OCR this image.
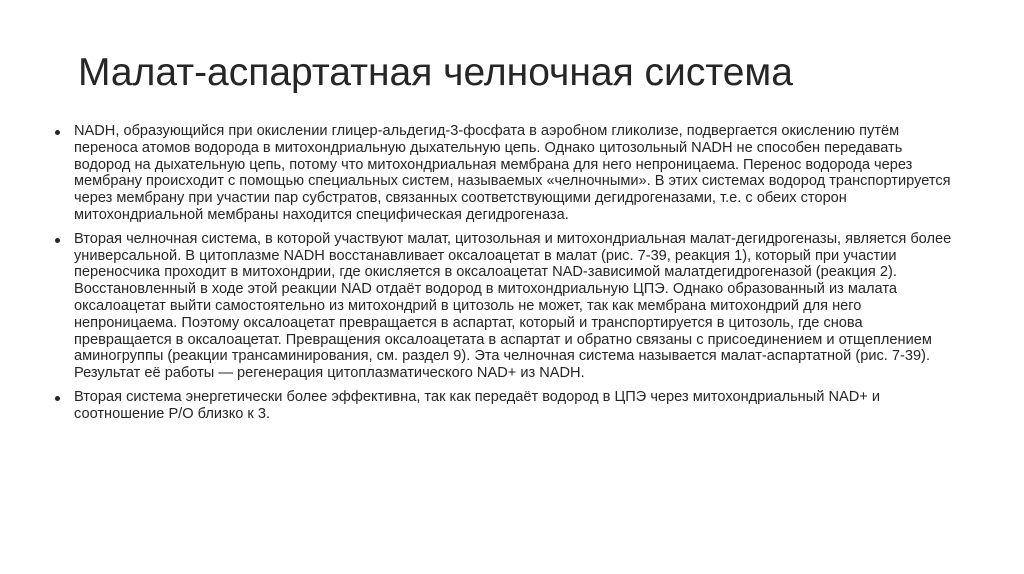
Малат-аспартатная челночная система
NADH, образующийся при окислении глицер-альдегид-3-фосфата в аэробном гликолизе, подвергается окислению путём переноса атомов водорода в митохондриальную дыхательную цепь. Однако цитозольный NADH не способен передавать водород на дыхательную цепь, потому что митохондриальная мембрана для него непроницаема. Перенос водорода через мембрану происходит с помощью специальных систем, называемых «челночными». В этих системах водород транспортируется через мембрану при участии пар субстратов, связанных соответствующими дегидрогеназами, т.е. с обеих сторон митохондриальной мембраны находится специфическая дегидрогеназа.
Вторая челночная система, в которой участвуют малат, цитозольная и митохондриальная малат-дегидрогеназы, является более универсальной. В цитоплазме NADH восстанавливает оксалоацетат в малат (рис. 7-39, реакция 1), который при участии переносчика проходит в митохондрии, где окисляется в оксалоацетат NAD-зависимой малатдегидрогеназой (реакция 2). Восстановленный в ходе этой реакции NAD отдаёт водород в митохондриальную ЦПЭ. Однако образованный из малата оксалоацетат выйти самостоятельно из митохондрий в цитозоль не может, так как мембрана митохондрий для него непроницаема. Поэтому оксалоацетат превращается в аспартат, который и транспортируется в цитозоль, где снова превращается в оксалоацетат. Превращения оксалоацетата в аспартат и обратно связаны с присоединением и отщеплением аминогруппы (реакции трансаминирования, см. раздел 9). Эта челночная система называется малат-аспартатной (рис. 7-39). Результат её работы — регенерация цитоплазматического NAD+ из NADH.
Вторая система энергетически более эффективна, так как передаёт водород в ЦПЭ через митохондриальный NAD+ и соотношение Р/О близко к 3.
